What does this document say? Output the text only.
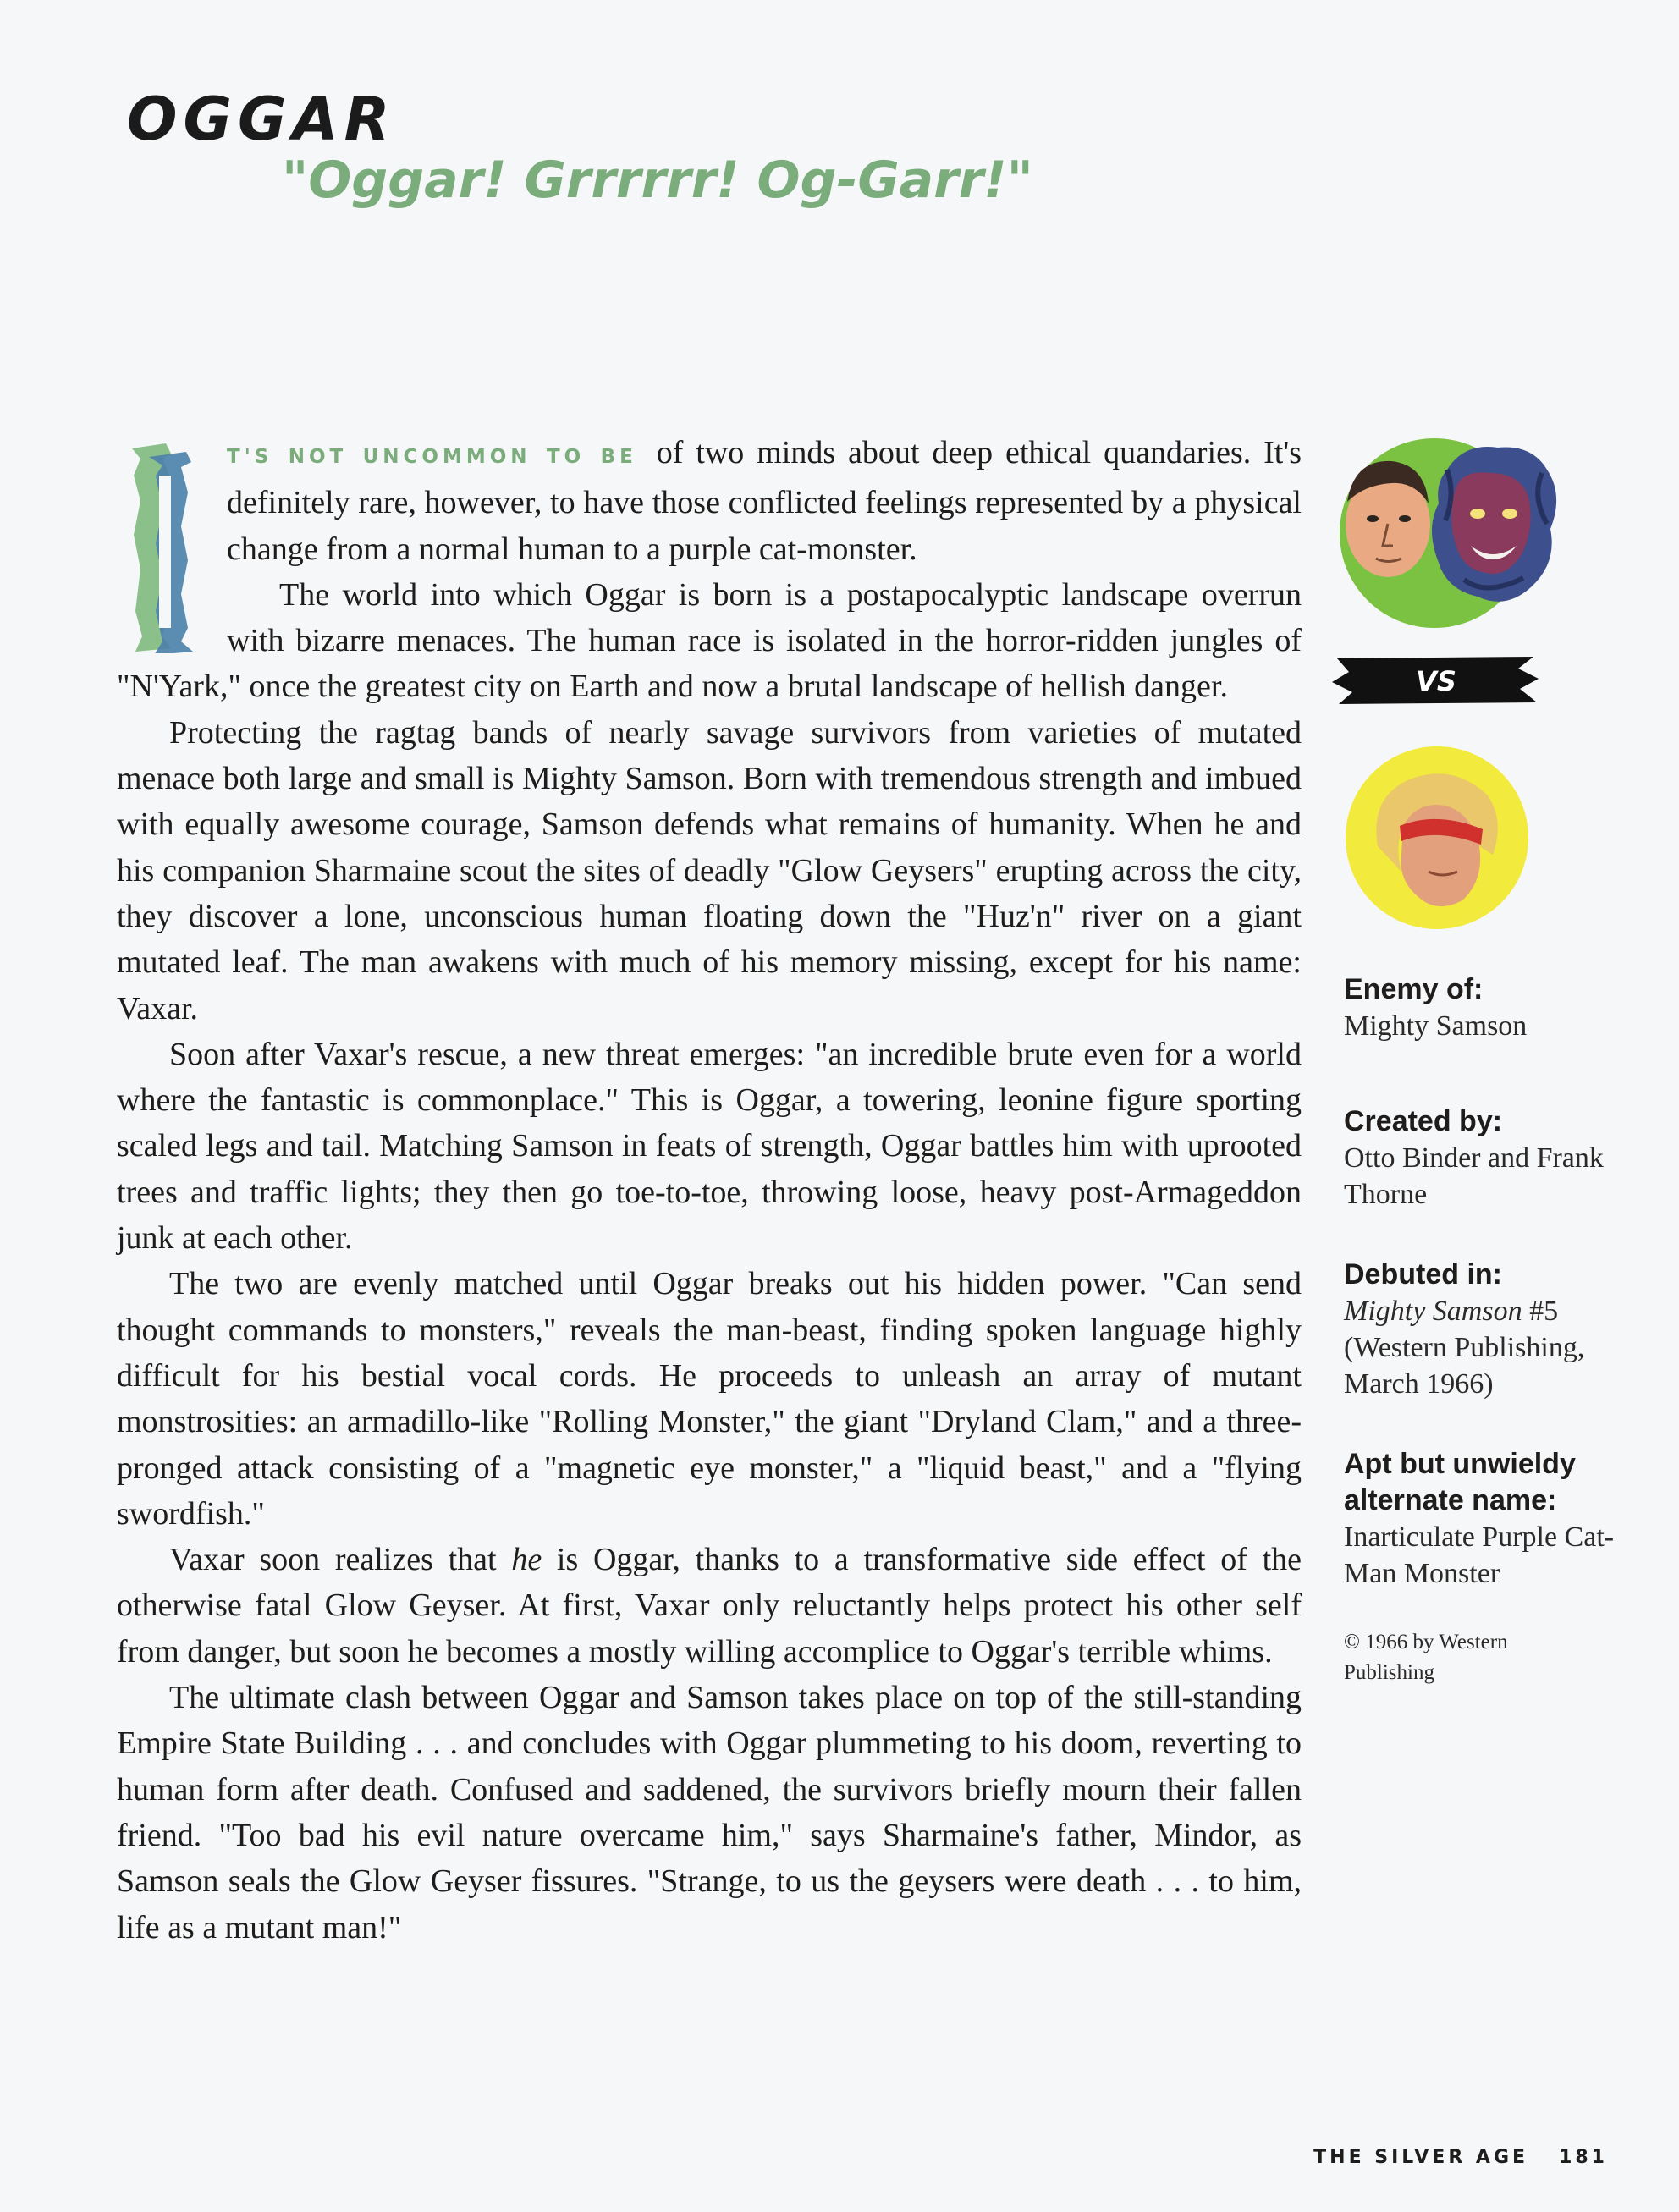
OGGAR

"Oggar! Grrrrrr! Og-Garr!"

VS

T'S NOT UNCOMMON TO BE of two minds about deep ethical quandaries. It's definitely rare, however, to have those conflicted feelings represented by a physical change from a normal human to a purple cat-monster.

The world into which Oggar is born is a postapocalyptic landscape overrun with bizarre menaces. The human race is isolated in the horror-ridden jungles of "N'Yark," once the greatest city on Earth and now a brutal landscape of hellish danger.

Protecting the ragtag bands of nearly savage survivors from varieties of mutated menace both large and small is Mighty Samson. Born with tremendous strength and imbued with equally awesome courage, Samson defends what remains of humanity. When he and his companion Sharmaine scout the sites of deadly "Glow Geysers" erupting across the city, they discover a lone, unconscious human floating down the "Huz'n" river on a giant mutated leaf. The man awakens with much of his memory missing, except for his name: Vaxar.

Soon after Vaxar's rescue, a new threat emerges: "an incredible brute even for a world where the fantastic is commonplace." This is Oggar, a towering, leonine figure sporting scaled legs and tail. Matching Samson in feats of strength, Oggar battles him with uprooted trees and traffic lights; they then go toe-to-toe, throwing loose, heavy post-Armageddon junk at each other.

The two are evenly matched until Oggar breaks out his hidden power. "Can send thought commands to monsters," reveals the man-beast, finding spoken language highly difficult for his bestial vocal cords. He proceeds to unleash an array of mutant monstrosities: an armadillo-like "Rolling Monster," the giant "Dryland Clam," and a three-pronged attack consisting of a "magnetic eye monster," a "liquid beast," and a "flying swordfish."

Vaxar soon realizes that he is Oggar, thanks to a transformative side effect of the otherwise fatal Glow Geyser. At first, Vaxar only reluctantly helps protect his other self from danger, but soon he becomes a mostly willing accomplice to Oggar's terrible whims.

The ultimate clash between Oggar and Samson takes place on top of the still-standing Empire State Building . . . and concludes with Oggar plummeting to his doom, reverting to human form after death. Confused and saddened, the survivors briefly mourn their fallen friend. "Too bad his evil nature overcame him," says Sharmaine's father, Mindor, as Samson seals the Glow Geyser fissures. "Strange, to us the geysers were death . . . to him, life as a mutant man!"

Enemy of:
Mighty Samson
Created by:
Otto Binder and Frank Thorne
Debuted in:
Mighty Samson #5 (Western Publishing, March 1966)
Apt but unwieldy alternate name:
Inarticulate Purple Cat-Man Monster
© 1966 by Western Publishing
THE SILVER AGE 181
